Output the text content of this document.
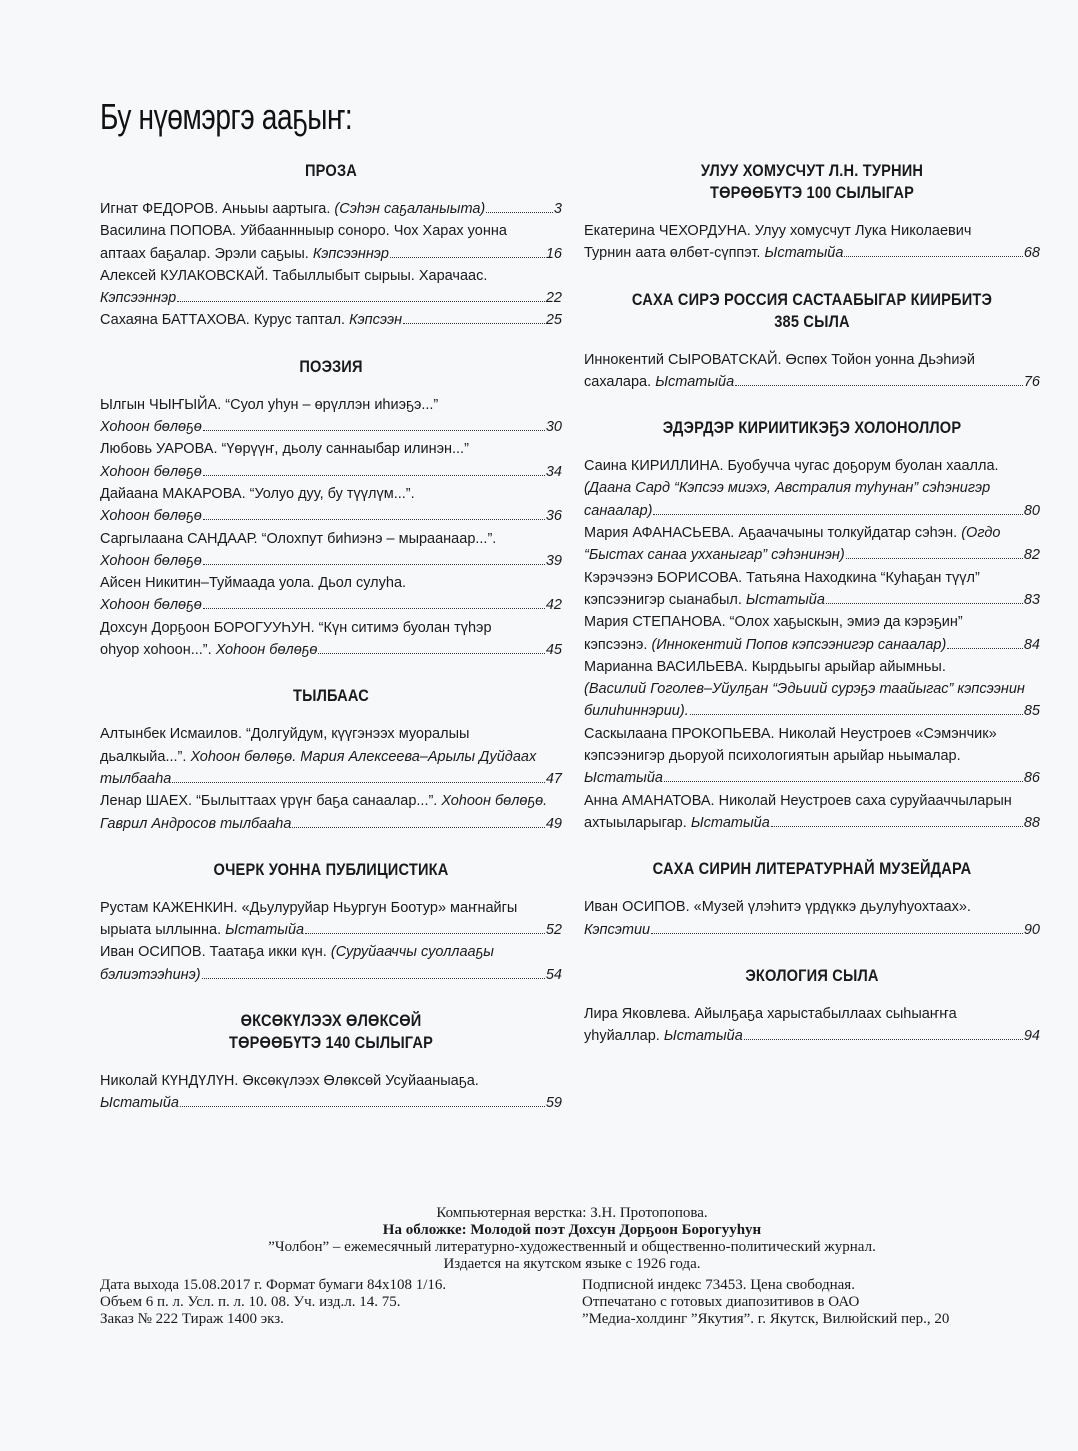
Бу нүөмэргэ ааҕыҥ:
ПРОЗА
Игнат ФЕДОРОВ. Аньыы аартыга. (Сэһэн саҕаланыыта)	3
Василина ПОПОВА. Уйбааннныыр соноро. Чох Харах уонна
аптаах баҕалар. Эрэли саҕыы. Кэпсээннэр	16
Алексей КУЛАКОВСКАЙ. Табыллыбыт сырыы. Харачаас.
Кэпсээннэр	22
Сахаяна БАТТАХОВА. Курус таптал. Кэпсээн	25
ПОЭЗИЯ
Ылгын ЧЫҤЫЙА. “Суол уһун – өрүллэн иһиэҕэ...”
Хоһоон бөлөҕө	30
Любовь УАРОВА. “Үөрүүҥ, дьолу саннаыбар илинэн...”
Хоһоон бөлөҕө	34
Дайаана МАКАРОВА. “Уолуо дуу, бу түүлүм...”.
Хоһоон бөлөҕө	36
Саргылаана САНДААР. “Олохпут биһиэнэ – мыраанаар...”.
Хоһоон бөлөҕө	39
Айсен Никитин–Туймаада уола. Дьол сулуһа.
Хоһоон бөлөҕө	42
Дохсун Дорҕоон БОРОГУУҺУН. “Күн ситимэ буолан түһэр
оһуор хоһоон...”. Хоһоон бөлөҕө	45
ТЫЛБААС
Алтынбек Исмаилов. “Долгуйдум, күүгэнээх муоралыы
дьалкыйа...”. Хоһоон бөлөҕө. Мария Алексеева–Арылы Дуйдаах
тылбааһа	47
Ленар ШАЕХ. “Былыттаах үрүҥ баҕа санаалар...”. Хоһоон бөлөҕө.
Гаврил Андросов тылбааһа	49
ОЧЕРК УОННА ПУБЛИЦИСТИКА
Рустам КАЖЕНКИН. «Дьулуруйар Ньургун Боотур» маҥнайгы
ырыата ыллынна. Ыстатыйа	52
Иван ОСИПОВ. Таатаҕа икки күн. (Суруйааччы суоллааҕы
бэлиэтээһинэ)	54
ӨКСӨКҮЛЭЭХ ӨЛӨКСӨЙ
ТӨРӨӨБҮТЭ 140 СЫЛЫГАР
Николай КҮНДҮЛҮН. Өксөкүлээх Өлөксөй Усуйааныаҕа.
Ыстатыйа	59
УЛУУ ХОМУСЧУТ Л.Н. ТУРНИН
ТӨРӨӨБҮТЭ 100 СЫЛЫГАР
Екатерина ЧЕХОРДУНА. Улуу хомусчут Лука Николаевич
Турнин аата өлбөт-сүппэт. Ыстатыйа	68
САХА СИРЭ РОССИЯ САСТААБЫГАР КИИРБИТЭ
385 СЫЛА
Иннокентий СЫРОВАТСКАЙ. Өспөх Тойон уонна Дьэһиэй
сахалара. Ыстатыйа	76
ЭДЭРДЭР КИРИИТИКЭҔЭ ХОЛОНОЛЛОР
Саина КИРИЛЛИНА. Буобучча чугас доҕорум буолан хаалла.
(Даана Сард “Кэпсээ миэхэ, Австралия туһунан” сэһэнигэр
санаалар)	80
Мария АФАНАСЬЕВА. Аҕаачачыны толкуйдатар сэһэн. (Огдо
“Быстах санаа ухханыгар” сэһэнинэн)	82
Кэрэчээнэ БОРИСОВА. Татьяна Находкина “Куһаҕан түүл”
кэпсээнигэр сыанабыл. Ыстатыйа	83
Мария СТЕПАНОВА. “Олох хаҕыскын, эмиэ да кэрэҕин”
кэпсээнэ. (Иннокентий Попов кэпсээнигэр санаалар)	84
Марианна ВАСИЛЬЕВА. Кырдьыгы арыйар айымньы.
(Василий Гоголев–Уйулҕан “Эдьиий сурэҕэ таайыгас” кэпсээнин
билиһиннэрии).	85
Саскылаана ПРОКОПЬЕВА. Николай Неустроев «Сэмэнчик»
кэпсээнигэр дьоруой психологиятын арыйар ньымалар.
Ыстатыйа	86
Анна АМАНАТОВА. Николай Неустроев саха суруйааччыларын
ахтыыларыгар. Ыстатыйа	88
САХА СИРИН ЛИТЕРАТУРНАЙ МУЗЕЙДАРА
Иван ОСИПОВ. «Музей үлэһитэ үрдүккэ дьулуһуохтаах».
Кэпсэтии	90
ЭКОЛОГИЯ СЫЛА
Лира Яковлева. Айылҕаҕа харыстабыллаах сыһыаҥҥа
уһуйаллар. Ыстатыйа	94
Компьютерная верстка: З.Н. Протопопова.
На обложке: Молодой поэт Дохсун Дорҕоон Борогууһун
”Чолбон” – ежемесячный литературно-художественный и общественно-политический журнал.
Издается на якутском языке с 1926 года.
Дата выхода 15.08.2017 г. Формат бумаги 84х108 1/16.
Объем 6 п. л. Усл. п. л. 10. 08. Уч. изд.л. 14. 75.
Заказ № 222 Тираж 1400 экз.
Подписной индекс 73453. Цена свободная.
Отпечатано с готовых диапозитивов в ОАО
”Медиа-холдинг ”Якутия”. г. Якутск, Вилюйский пер., 20
